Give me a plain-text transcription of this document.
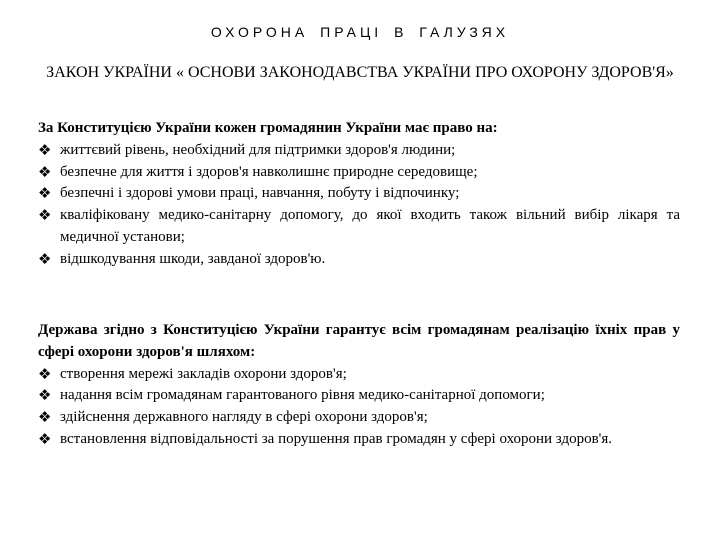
ОХОРОНА ПРАЦІ В ГАЛУЗЯХ
ЗАКОН УКРАЇНИ « ОСНОВИ ЗАКОНОДАВСТВА УКРАЇНИ ПРО ОХОРОНУ ЗДОРОВ'Я»
За Конституцією України кожен громадянин України має право на:
❖ життєвий рівень, необхідний для підтримки здоров'я людини;
❖ безпечне для життя і здоров'я навколишнє природне середовище;
❖ безпечні і здорові умови праці, навчання, побуту і відпочинку;
❖ кваліфіковану медико-санітарну допомогу, до якої входить також вільний вибір лікаря та медичної установи;
❖ відшкодування шкоди, завданої здоров'ю.
Держава згідно з Конституцією України гарантує всім громадянам реалізацію їхніх прав у сфері охорони здоров'я шляхом:
❖ створення мережі закладів охорони здоров'я;
❖ надання всім громадянам гарантованого рівня медико-санітарної допомоги;
❖ здійснення державного нагляду в сфері охорони здоров'я;
❖ встановлення відповідальності за порушення прав громадян у сфері охорони здоров'я.
